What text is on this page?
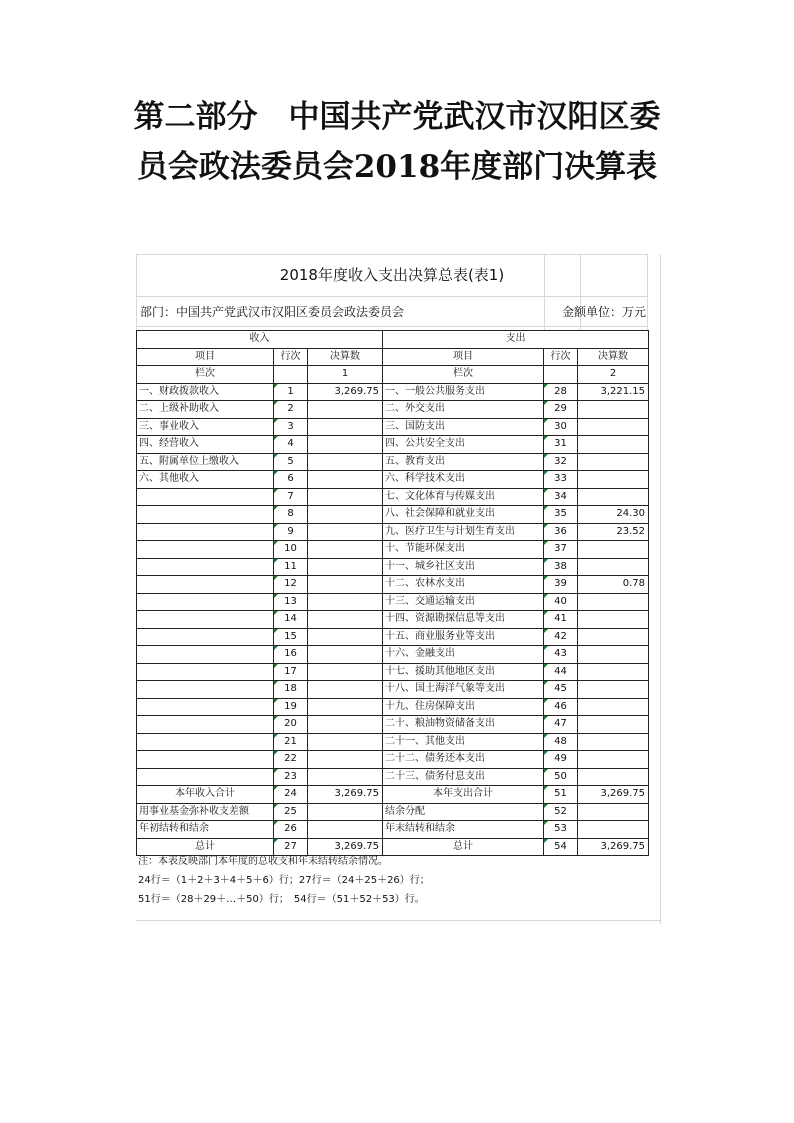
第二部分　中国共产党武汉市汉阳区委
员会政法委员会2018年度部门决算表
2018年度收入支出决算总表(表1)
部门：中国共产党武汉市汉阳区委员会政法委员会	金额单位：万元
收入			支出		
项目	行次	决算数	项目	行次	决算数
栏次		1	栏次		2
一、财政拨款收入	1	3,269.75	一、一般公共服务支出	28	3,221.15
二、上级补助收入	2		二、外交支出	29	
三、事业收入	3		三、国防支出	30	
四、经营收入	4		四、公共安全支出	31	
五、附属单位上缴收入	5		五、教育支出	32	
六、其他收入	6		六、科学技术支出	33	
	7		七、文化体育与传媒支出	34	
	8		八、社会保障和就业支出	35	24.30
	9		九、医疗卫生与计划生育支出	36	23.52
	10		十、节能环保支出	37	
	11		十一、城乡社区支出	38	
	12		十二、农林水支出	39	0.78
	13		十三、交通运输支出	40	
	14		十四、资源勘探信息等支出	41	
	15		十五、商业服务业等支出	42	
	16		十六、金融支出	43	
	17		十七、援助其他地区支出	44	
	18		十八、国土海洋气象等支出	45	
	19		十九、住房保障支出	46	
	20		二十、粮油物资储备支出	47	
	21		二十一、其他支出	48	
	22		二十二、债务还本支出	49	
	23		二十三、债务付息支出	50	
本年收入合计	24	3,269.75	本年支出合计	51	3,269.75
用事业基金弥补收支差额	25		结余分配	52	
年初结转和结余	26		年末结转和结余	53	
总计	27	3,269.75	总计	54	3,269.75
注：本表反映部门本年度的总收支和年末结转结余情况。
24行＝（1＋2＋3＋4＋5＋6）行；27行＝（24＋25＋26）行；
51行＝（28＋29＋…＋50）行；　54行＝（51＋52＋53）行。
